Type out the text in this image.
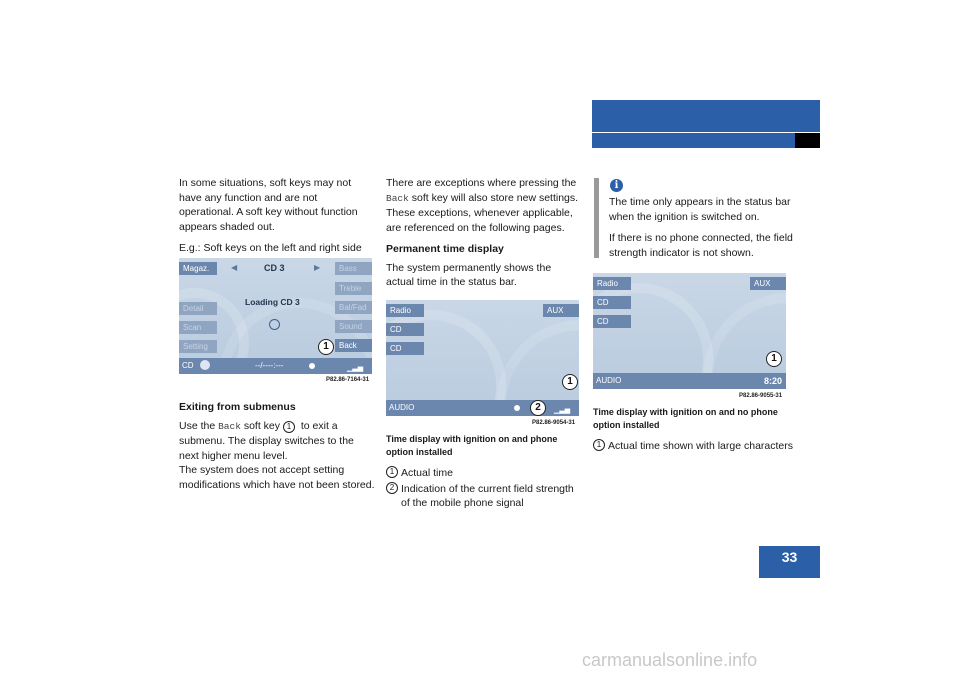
At a glance
Menu system

In some situations, soft keys may not have any function and are not operational. A soft key without function appears shaded out.

E.g.: Soft keys on the left and right side

Magaz.
Detail
Scan
Setting
◀	CD 3	▶
Loading CD 3
Bass
Treble
Bal/Fad
Sound
Back
1
CD	--/----:---	▁▃▅
P82.86-7164-31

Exiting from submenus

Use the Back soft key 1 to exit a submenu. The display switches to the next higher menu level.

The system does not accept setting modifications which have not been stored.

There are exceptions where pressing the Back soft key will also store new settings. These exceptions, whenever applicable, are referenced on the following pages.

Permanent time display

The system permanently shows the actual time in the status bar.

Radio
CD
CD
AUX
1
AUDIO	▁▃▅
2
P82.86-9054-31

Time display with ignition on and phone option installed

1 Actual time
2 Indication of the current field strength of the mobile phone signal
i

The time only appears in the status bar when the ignition is switched on.

If there is no phone connected, the field strength indicator is not shown.

Radio
CD
CD
AUX
1
AUDIO	8:20
P82.86-9055-31

Time display with ignition on and no phone option installed

1 Actual time shown with large characters
33
carmanualsonline.info
